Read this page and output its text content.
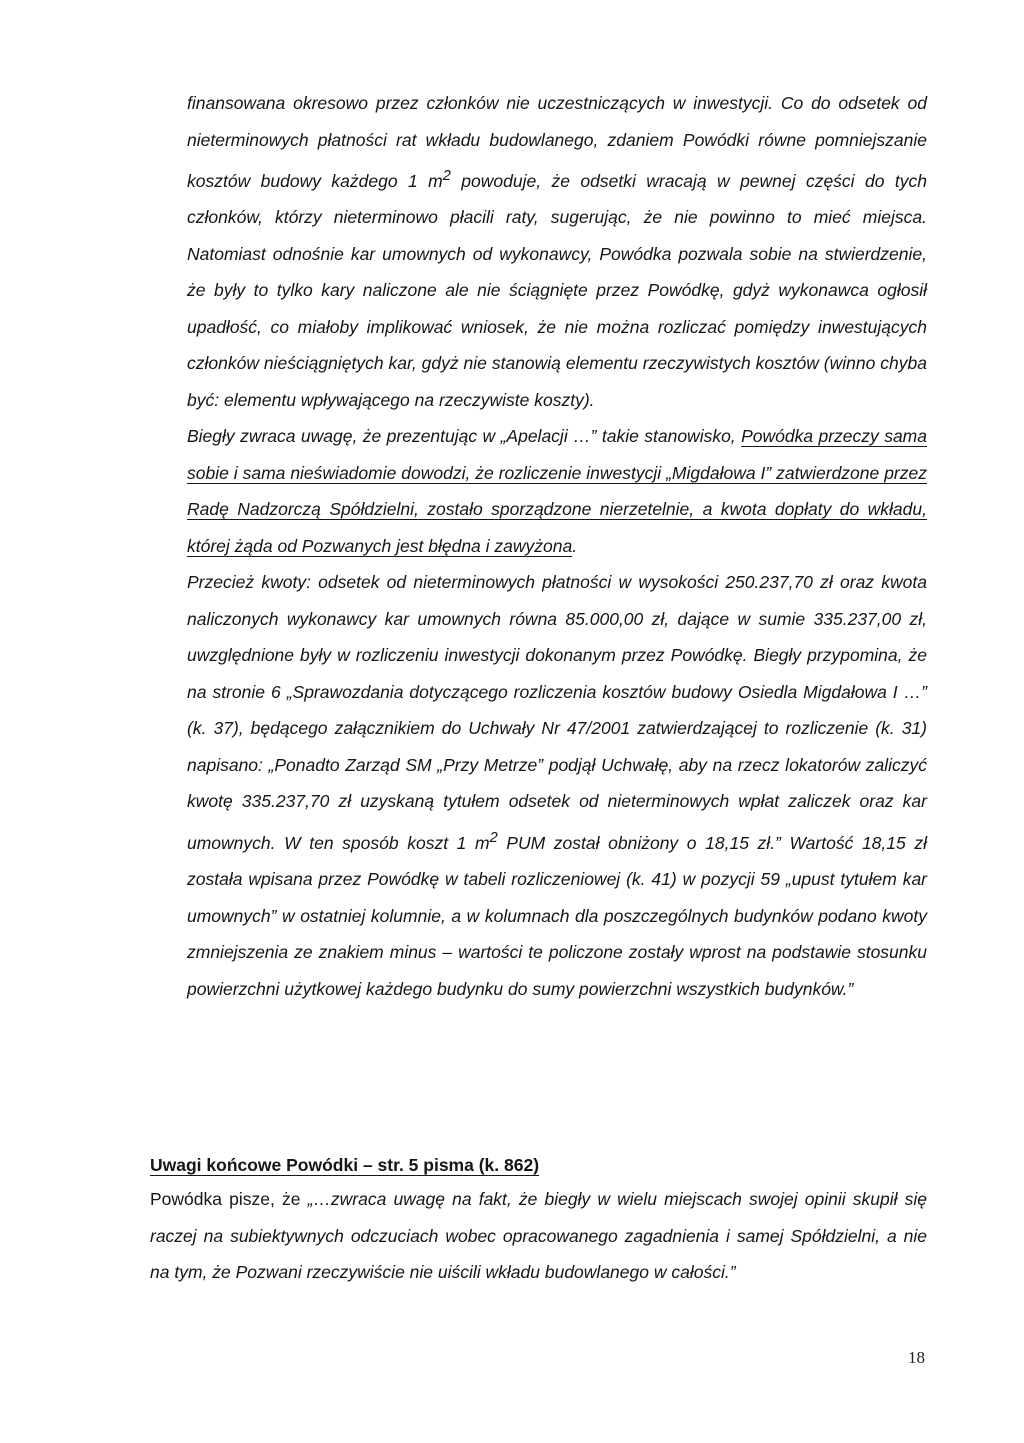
finansowana okresowo przez członków nie uczestniczących w inwestycji. Co do odsetek od nieterminowych płatności rat wkładu budowlanego, zdaniem Powódki równe pomniejszanie kosztów budowy każdego 1 $m^2$ powoduje, że odsetki wracają w pewnej części do tych członków, którzy nieterminowo płacili raty, sugerując, że nie powinno to mieć miejsca. Natomiast odnośnie kar umownych od wykonawcy, Powódka pozwala sobie na stwierdzenie, że były to tylko kary naliczone ale nie ściągnięte przez Powódkę, gdyż wykonawca ogłosił upadłość, co miałoby implikować wniosek, że nie można rozliczać pomiędzy inwestujących członków nieściągniętych kar, gdyż nie stanowią elementu rzeczywistych kosztów (winno chyba być: elementu wpływającego na rzeczywiste koszty).

Biegły zwraca uwagę, że prezentując w „Apelacji …” takie stanowisko, Powódka przeczy sama sobie i sama nieświadomie dowodzi, że rozliczenie inwestycji „Migdałowa I” zatwierdzone przez Radę Nadzorczą Spółdzielni, zostało sporządzone nierzetelnie, a kwota dopłaty do wkładu, której żąda od Pozwanych jest błędna i zawyżona.

Przecież kwoty: odsetek od nieterminowych płatności w wysokości 250.237,70 zł oraz kwota naliczonych wykonawcy kar umownych równa 85.000,00 zł, dające w sumie 335.237,00 zł, uwzględnione były w rozliczeniu inwestycji dokonanym przez Powódkę. Biegły przypomina, że na stronie 6 „Sprawozdania dotyczącego rozliczenia kosztów budowy Osiedla Migdałowa I …” (k. 37), będącego załącznikiem do Uchwały Nr 47/2001 zatwierdzającej to rozliczenie (k. 31) napisano: „Ponadto Zarząd SM „Przy Metrze” podjął Uchwałę, aby na rzecz lokatorów zaliczyć kwotę 335.237,70 zł uzyskaną tytułem odsetek od nieterminowych wpłat zaliczek oraz kar umownych. W ten sposób koszt 1 $m^2$ PUM został obniżony o 18,15 zł.” Wartość 18,15 zł została wpisana przez Powódkę w tabeli rozliczeniowej (k. 41) w pozycji 59 „upust tytułem kar umownych” w ostatniej kolumnie, a w kolumnach dla poszczególnych budynków podano kwoty zmniejszenia ze znakiem minus – wartości te policzone zostały wprost na podstawie stosunku powierzchni użytkowej każdego budynku do sumy powierzchni wszystkich budynków.”

Uwagi końcowe Powódki – str. 5 pisma (k. 862)

Powódka pisze, że „…zwraca uwagę na fakt, że biegły w wielu miejscach swojej opinii skupił się raczej na subiektywnych odczuciach wobec opracowanego zagadnienia i samej Spółdzielni, a nie na tym, że Pozwani rzeczywiście nie uiścili wkładu budowlanego w całości.”

18
